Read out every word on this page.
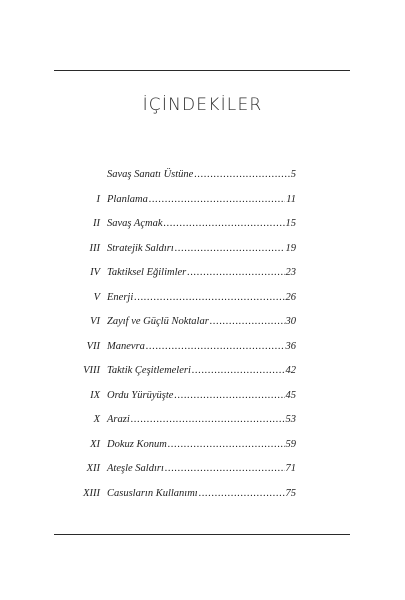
İÇİNDEKİLER
Savaş Sanatı Üstüne .....	5
I Planlama .....	11
II Savaş Açmak .....	15
III Stratejik Saldırı .....	19
IV Taktiksel Eğilimler .....	23
V Enerji .....	26
VI Zayıf ve Güçlü Noktalar .....	30
VII Manevra .....	36
VIII Taktik Çeşitlemeleri .....	42
IX Ordu Yürüyüşte .....	45
X Arazi .....	53
XI Dokuz Konum .....	59
XII Ateşle Saldırı .....	71
XIII Casusların Kullanımı .....	75
